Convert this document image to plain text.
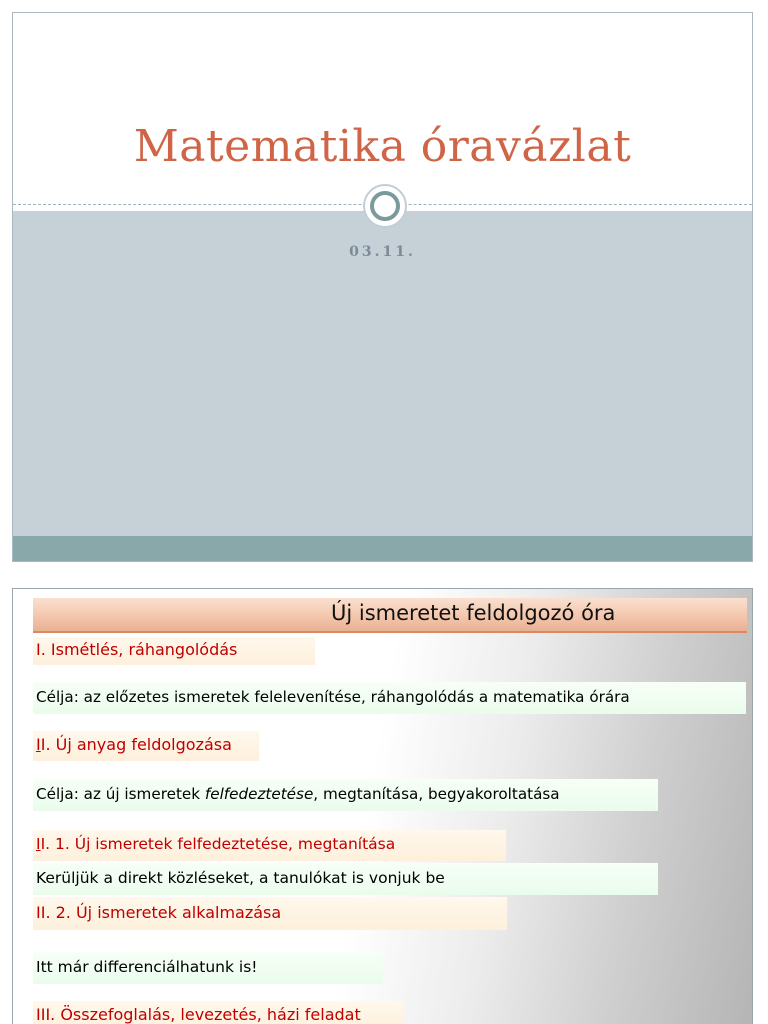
Matematika óravázlat
03.11.
Új ismeretet feldolgozó óra
I. Ismétlés, ráhangolódás
Célja: az előzetes ismeretek felelevenítése, ráhangolódás a matematika órára
II. Új anyag feldolgozása
Célja: az új ismeretek felfedeztetése, megtanítása, begyakoroltatása
II. 1. Új ismeretek felfedeztetése, megtanítása
Kerüljük a direkt közléseket, a tanulókat is vonjuk be
II. 2. Új ismeretek alkalmazása
Itt már differenciálhatunk is!
III. Összefoglalás, levezetés, házi feladat
